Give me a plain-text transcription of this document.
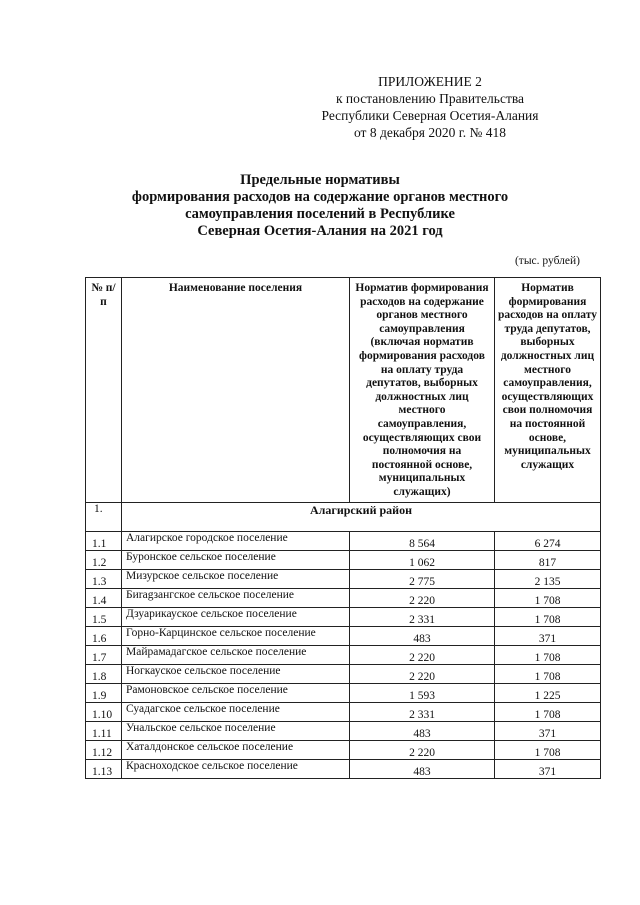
ПРИЛОЖЕНИЕ 2
к постановлению Правительства
Республики Северная Осетия-Алания
от 8 декабря 2020 г. № 418
Предельные нормативы
формирования расходов на содержание органов местного
самоуправления поселений в Республике
Северная Осетия-Алания на 2021 год
(тыс. рублей)
№ п/п	Наименование поселения	Норматив формирования расходов на содержание органов местного самоуправления (включая норматив формирования расходов на оплату труда депутатов, выборных должностных лиц местного самоуправления, осуществляющих свои полномочия на постоянной основе, муниципальных служащих)	Норматив формирования расходов на оплату труда депутатов, выборных должностных лиц местного самоуправления, осуществляющих свои полномочия на постоянной основе, муниципальных служащих
1.	Алагирский район		
1.1	Алагирское городское поселение	8 564	6 274
1.2	Буронское сельское поселение	1 062	817
1.3	Мизурское сельское поселение	2 775	2 135
1.4	Биragзангское сельское поселение	2 220	1 708
1.5	Дзуарикауское сельское поселение	2 331	1 708
1.6	Горно-Карцинское сельское поселение	483	371
1.7	Майрамадагское сельское поселение	2 220	1 708
1.8	Ногкауское сельское поселение	2 220	1 708
1.9	Рамоновское сельское поселение	1 593	1 225
1.10	Суадагское сельское поселение	2 331	1 708
1.11	Унальское сельское поселение	483	371
1.12	Хаталдонское сельское поселение	2 220	1 708
1.13	Красноходское сельское поселение	483	371
